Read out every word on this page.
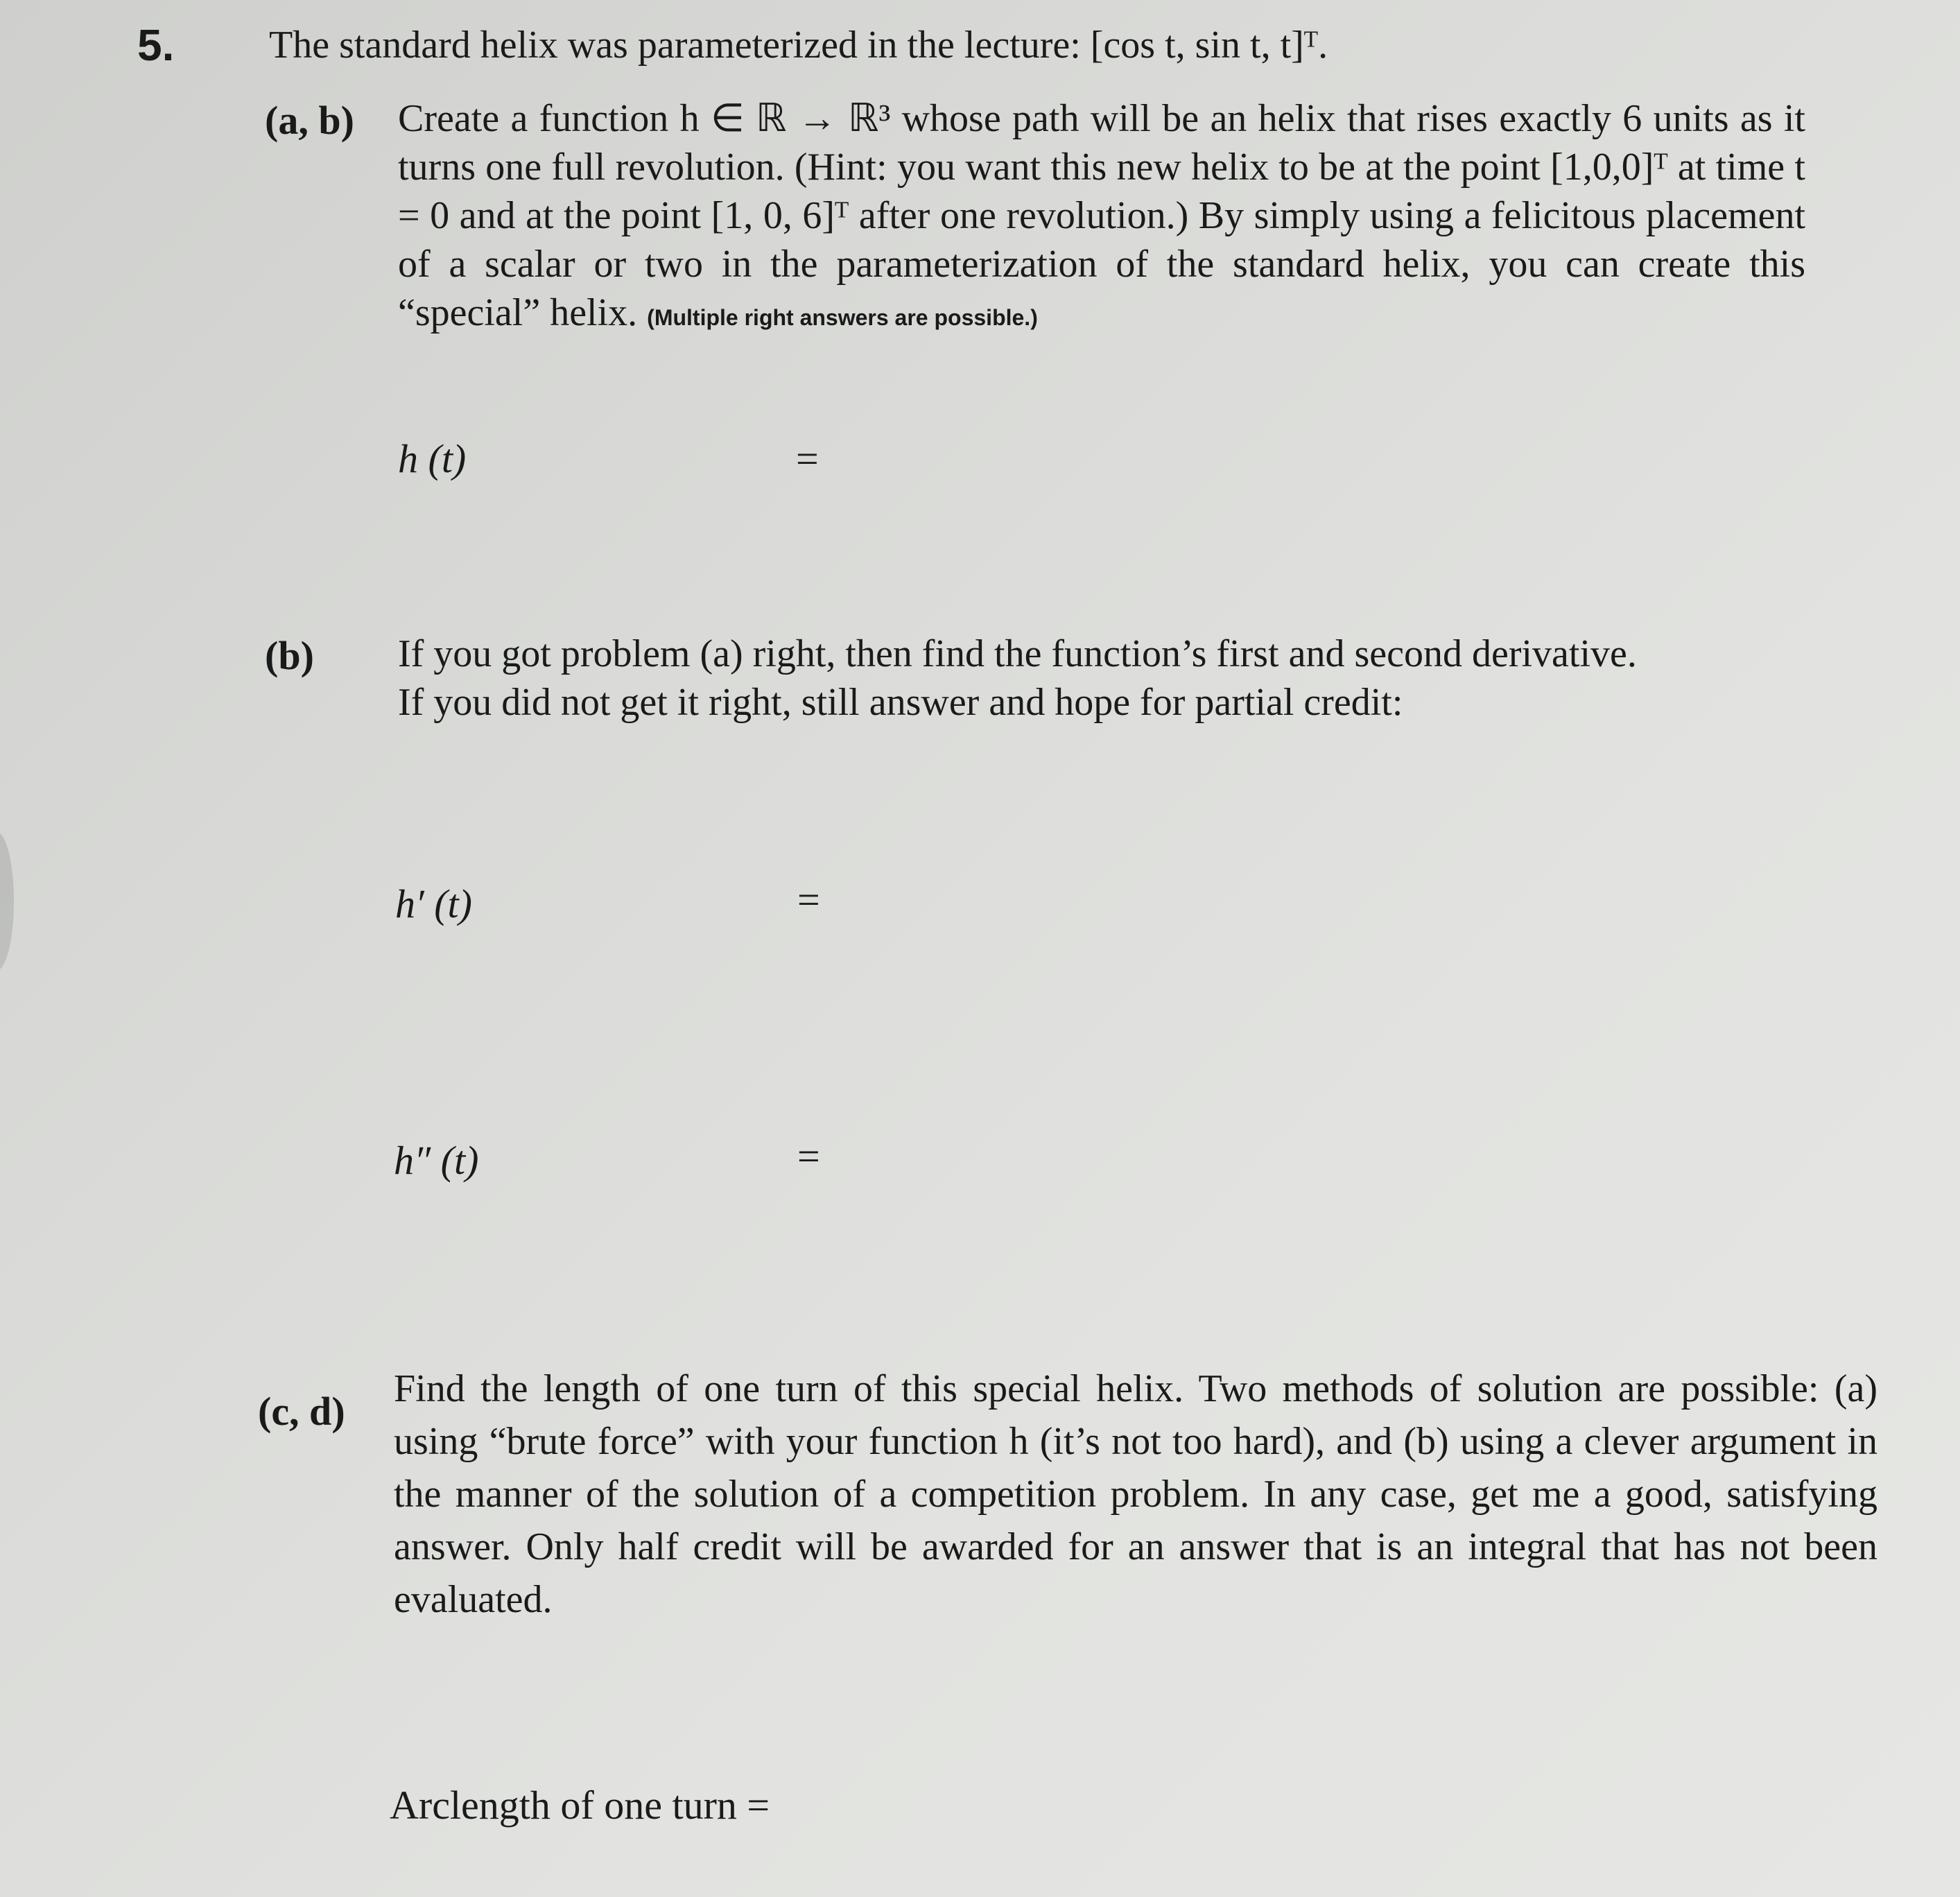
5. The standard helix was parameterized in the lecture: [cos t, sin t, t]ᵀ.
(a, b) Create a function h ∈ ℝ → ℝ³ whose path will be an helix that rises exactly 6 units as it turns one full revolution. (Hint: you want this new helix to be at the point [1,0,0]ᵀ at time t = 0 and at the point [1, 0, 6]ᵀ after one revolution.) By simply using a felicitous placement of a scalar or two in the parameterization of the standard helix, you can create this “special” helix. (Multiple right answers are possible.)
h (t)	=
(b) If you got problem (a) right, then find the function’s first and second derivative.
If you did not get it right, still answer and hope for partial credit:
h′ (t)	=
h″ (t)	=
(c, d) Find the length of one turn of this special helix. Two methods of solution are possible: (a) using “brute force” with your function h (it’s not too hard), and (b) using a clever argument in the manner of the solution of a competition problem. In any case, get me a good, satisfying answer. Only half credit will be awarded for an answer that is an integral that has not been evaluated.
Arclength of one turn =
